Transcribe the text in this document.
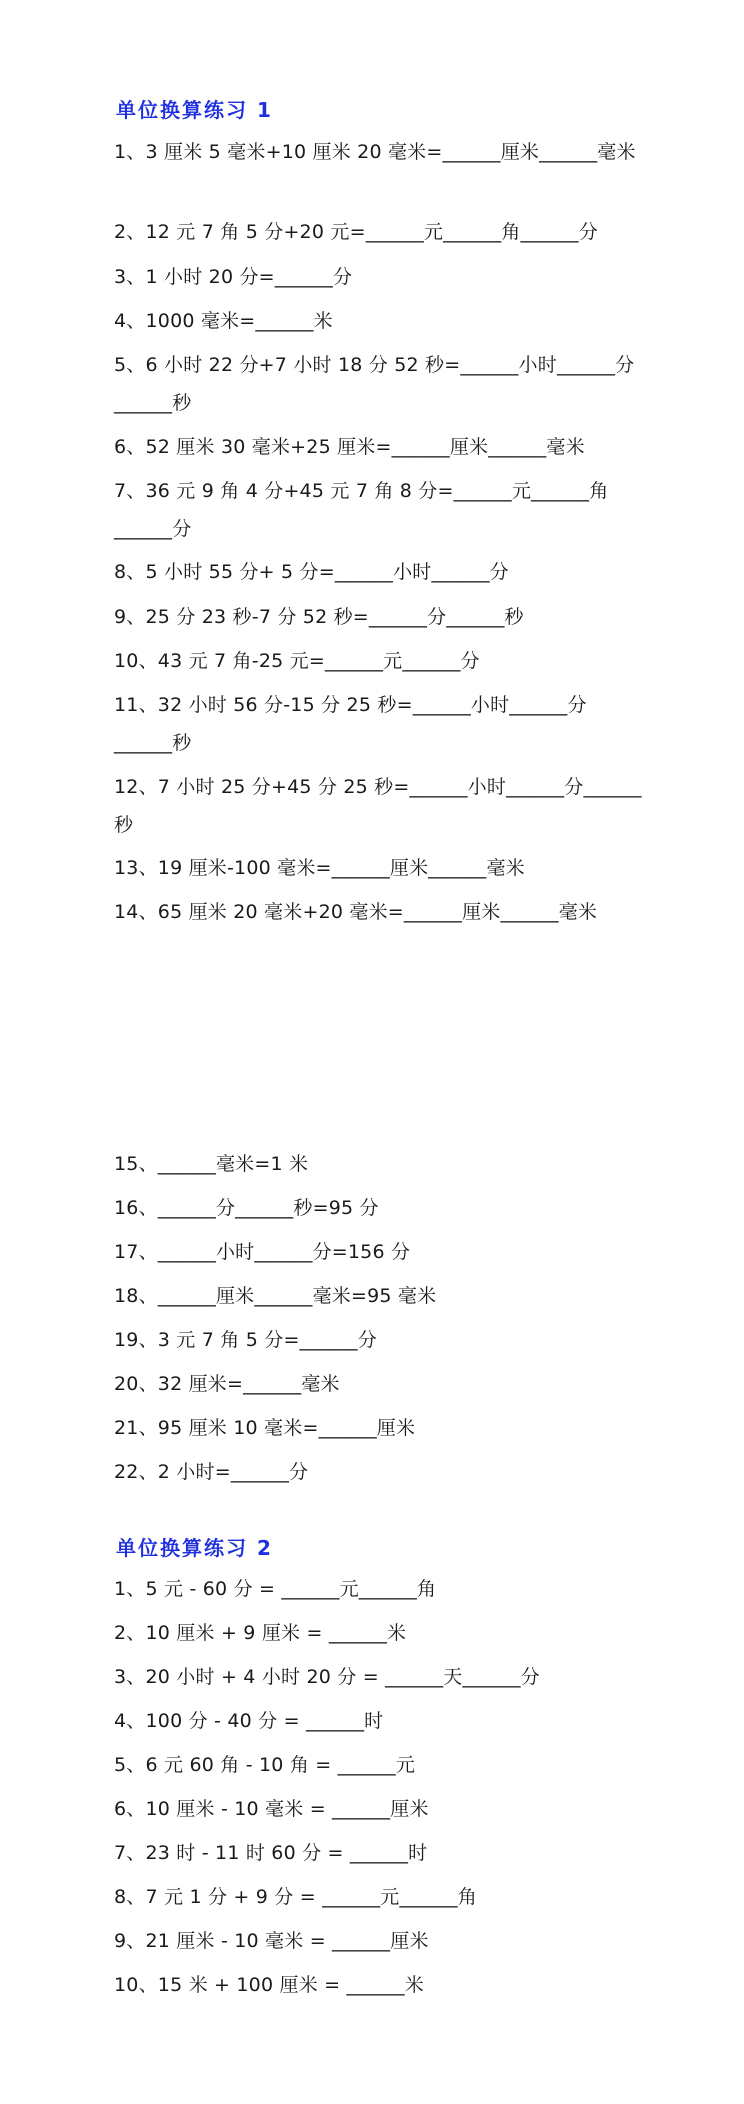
单位换算练习 1
1、3 厘米 5 毫米+10 厘米 20 毫米=______厘米______毫米
2、12 元 7 角 5 分+20 元=______元______角______分
3、1 小时 20 分=______分
4、1000 毫米=______米
5、6 小时 22 分+7 小时 18 分 52 秒=______小时______分______秒
6、52 厘米 30 毫米+25 厘米=______厘米______毫米
7、36 元 9 角 4 分+45 元 7 角 8 分=______元______角______分
8、5 小时 55 分+ 5 分=______小时______分
9、25 分 23 秒-7 分 52 秒=______分______秒
10、43 元 7 角-25 元=______元______分
11、32 小时 56 分-15 分 25 秒=______小时______分______秒
12、7 小时 25 分+45 分 25 秒=______小时______分______秒
13、19 厘米-100 毫米=______厘米______毫米
14、65 厘米 20 毫米+20 毫米=______厘米______毫米
15、______毫米=1 米
16、______分______秒=95 分
17、______小时______分=156 分
18、______厘米______毫米=95 毫米
19、3 元 7 角 5 分=______分
20、32 厘米=______毫米
21、95 厘米 10 毫米=______厘米
22、2 小时=______分
单位换算练习 2
1、5 元 - 60 分 = ______元______角
2、10 厘米 + 9 厘米 = ______米
3、20 小时 + 4 小时 20 分 = ______天______分
4、100 分 - 40 分 = ______时
5、6 元 60 角 - 10 角 = ______元
6、10 厘米 - 10 毫米 = ______厘米
7、23 时 - 11 时 60 分 = ______时
8、7 元 1 分 + 9 分 = ______元______角
9、21 厘米 - 10 毫米 = ______厘米
10、15 米 + 100 厘米 = ______米
